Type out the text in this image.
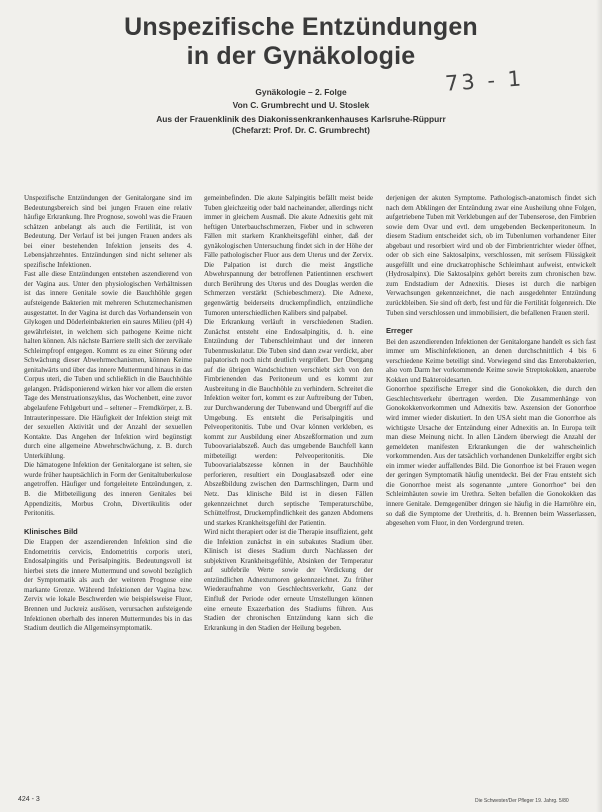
Unspezifische Entzündungen
in der Gynäkologie
73 - 1
Gynäkologie – 2. Folge
Von C. Grumbrecht und U. Stoslek
Aus der Frauenklinik des Diakonissenkrankenhauses Karlsruhe-Rüppurr
(Chefarzt: Prof. Dr. C. Grumbrecht)

Unspezifische Entzündungen der Genitalorgane sind im Bedeutungsbereich sind bei jungen Frauen eine relativ häufige Erkrankung. Ihre Prognose, sowohl was die Frauen schätzen anbelangt als auch die Fertilität, ist von Bedeutung. Der Verlauf ist bei jungen Frauen anders als bei einer bestehenden Infektion jenseits des 4. Lebensjahrzehntes. Entzündungen sind nicht seltener als spezifische Infektionen.

Fast alle diese Entzündungen entstehen aszendierend von der Vagina aus. Unter den physiologischen Verhältnissen ist das innere Genitale sowie die Bauchhöhle gegen aufsteigende Bakterien mit mehreren Schutzmechanismen ausgestattet. In der Vagina ist durch das Vorhandensein von Glykogen und Döderleinbakterien ein saures Milieu (pH 4) gewährleistet, in welchem sich pathogene Keime nicht halten können. Als nächste Barriere stellt sich der zervikale Schleimpfropf entgegen. Kommt es zu einer Störung oder Schwächung dieser Abwehrmechanismen, können Keime genitalwärts und über das innere Muttermund hinaus in das Corpus uteri, die Tuben und schließlich in die Bauchhöhle gelangen. Prädisponierend wirken hier vor allem die ersten Tage des Menstruationszyklus, das Wochenbett, eine zuvor abgelaufene Fehlgeburt und – seltener – Fremdkörper, z. B. Intrauterinpessare. Die Häufigkeit der Infektion steigt mit der sexuellen Aktivität und der Anzahl der sexuellen Kontakte. Das Angehen der Infektion wird begünstigt durch eine allgemeine Abwehrschwächung, z. B. durch Unterkühlung.

Die hämatogene Infektion der Genitalorgane ist selten, sie wurde früher hauptsächlich in Form der Genitaltuberkulose angetroffen. Häufiger und fortgeleitete Entzündungen, z. B. die Mitbeteiligung des inneren Genitales bei Appendizitis, Morbus Crohn, Divertikulitis oder Peritonitis.

Klinisches Bild

Die Etappen der aszendierenden Infektion sind die Endometritis cervicis, Endometritis corporis uteri, Endosalpingitis und Perisalpingitis. Bedeutungsvoll ist hierbei stets die innere Muttermund und sowohl bezüglich der Symptomatik als auch der weiteren Prognose eine markante Grenze. Während Infektionen der Vagina bzw. Zervix wie lokale Beschwerden wie beispielsweise Fluor, Brennen und Juckreiz auslösen, verursachen aufsteigende Infektionen oberhalb des inneren Muttermundes bis in das Stadium deutlich die Allgemeinsymptomatik.

gemeinbefinden. Die akute Salpingitis befällt meist beide Tuben gleichzeitig oder bald nacheinander, allerdings nicht immer in gleichem Ausmaß. Die akute Adnexitis geht mit heftigen Unterbauchschmerzen, Fieber und in schweren Fällen mit starkem Krankheitsgefühl einher, daß der gynäkologischen Untersuchung findet sich in der Höhe der Fälle pathologischer Fluor aus dem Uterus und der Zervix. Die Palpation ist durch die meist ängstliche Abwehrspannung der betroffenen Patientinnen erschwert durch Berührung des Uterus und des Douglas werden die Schmerzen verstärkt (Schiebeschmerz). Die Adnexe, gegenwärtig beiderseits druckempfindlich, entzündliche Tumoren unterschiedlichen Kalibers sind palpabel.

Die Erkrankung verläuft in verschiedenen Stadien. Zunächst entsteht eine Endosalpingitis, d. h. eine Entzündung der Tubenschleimhaut und der inneren Tubenmuskulatur. Die Tuben sind dann zwar verdickt, aber palpatorisch noch nicht deutlich vergrößert. Der Übergang auf die übrigen Wandschichten verschiebt sich von den Fimbrienenden das Peritoneum und es kommt zur Ausbreitung in die Bauchhöhle zu verhindern. Schreitet die Infektion weiter fort, kommt es zur Auftreibung der Tuben, zur Durchwanderung der Tubenwand und Übergriff auf die Umgebung. Es entsteht die Perisalpingitis und Pelveoperitonitis. Tube und Ovar können verkleben, es kommt zur Ausbildung einer Abszeßformation und zum Tuboovarialabszeß. Auch das umgebende Bauchfell kann mitbeteiligt werden: Pelveoperitonitis. Die Tuboovarialabszesse können in der Bauchhöhle perforieren, resultiert ein Douglasabszeß oder eine Abszeßbildung zwischen den Darmschlingen, Darm und Netz. Das klinische Bild ist in diesen Fällen gekennzeichnet durch septische Temperaturschübe, Schüttelfrost, Druckempfindlichkeit des ganzen Abdomens und starkes Krankheitsgefühl der Patientin.

Wird nicht therapiert oder ist die Therapie insuffizient, geht die Infektion zunächst in ein subakutes Stadium über. Klinisch ist dieses Stadium durch Nachlassen der subjektiven Krankheitsgefühle, Absinken der Temperatur auf subfebrile Werte sowie der Verdickung der entzündlichen Adnextumoren gekennzeichnet. Zu früher Wiederaufnahme von Geschlechtsverkehr, Ganz der Einfluß der Periode oder erneute Umstellungen können eine erneute Exazerbation des Stadiums führen. Aus Stadien der chronischen Entzündung kann sich die Erkrankung in den Stadien der Heilung begeben.

derjenigen der akuten Symptome. Pathologisch-anatomisch findet sich nach dem Abklingen der Entzündung zwar eine Ausheilung ohne Folgen, aufgetriebene Tuben mit Verklebungen auf der Tubenserose, den Fimbrien sowie dem Ovar und evtl. dem umgebenden Beckenperitoneum. In diesem Stadium entscheidet sich, ob im Tubenlumen vorhandener Eiter abgebaut und resorbiert wird und ob der Fimbrientrichter wieder öffnet, oder ob sich eine Saktosalpinx, verschlossen, mit serösem Flüssigkeit ausgefüllt und eine druckatrophische Schleimhaut aufweist, entwickelt (Hydrosalpinx). Die Saktosalpinx gehört bereits zum chronischen bzw. zum Endstadium der Adnexitis. Dieses ist durch die narbigen Verwachsungen gekennzeichnet, die nach ausgedehnter Entzündung zurückbleiben. Sie sind oft derb, fest und für die Fertilität folgenreich. Die Tuben sind verschlossen und immobilisiert, die befallenen Frauen steril.

Erreger

Bei den aszendierenden Infektionen der Genitalorgane handelt es sich fast immer um Mischinfektionen, an denen durchschnittlich 4 bis 6 verschiedene Keime beteiligt sind. Vorwiegend sind das Enterobakterien, also vom Darm her vorkommende Keime sowie Streptokokken, anaerobe Kokken und Bakteroidesarten.

Gonorrhoe spezifische Erreger sind die Gonokokken, die durch den Geschlechtsverkehr übertragen werden. Die Zusammenhänge von Gonokokkenvorkommen und Adnexitis bzw. Aszension der Gonorrhoe wird immer wieder diskutiert. In den USA sieht man die Gonorrhoe als wichtigste Ursache der Entzündung einer Adnexitis an. In Europa teilt man diese Meinung nicht. In allen Ländern überwiegt die Anzahl der gemeldeten manifesten Erkrankungen die der wahrscheinlich vorkommenden. Aus der tatsächlich vorhandenen Dunkelziffer ergibt sich ein immer wieder auffallendes Bild. Die Gonorrhoe ist bei Frauen wegen der geringen Symptomatik häufig unentdeckt. Bei der Frau entsteht sich die Gonorrhoe meist als sogenannte „untere Gonorrhoe“ bei den Schleimhäuten sowie im Urethra. Selten befallen die Gonokokken das innere Genitale. Demgegenüber dringen sie häufig in die Harnröhre ein, so daß die Symptome der Urethritis, d. h. Brennen beim Wasserlassen, abgesehen vom Fluor, in den Vordergrund treten.

424 - 3	Die Schwester/Der Pfleger 19. Jahrg. 5/80
